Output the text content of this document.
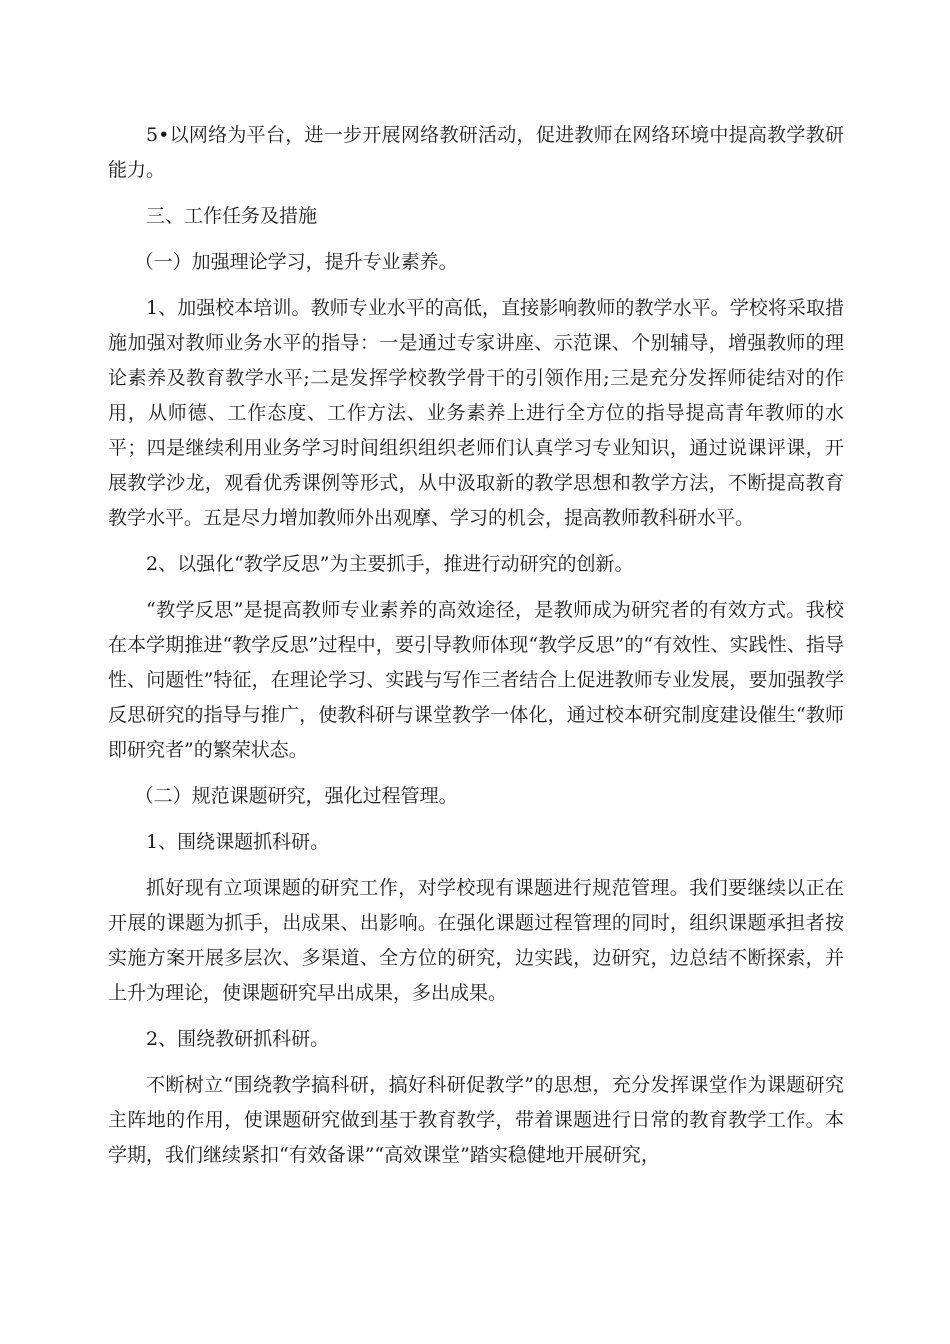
5•以网络为平台，进一步开展网络教研活动，促进教师在网络环境中提高教学教研能力。

三、工作任务及措施

（一）加强理论学习，提升专业素养。

1、加强校本培训。教师专业水平的高低，直接影响教师的教学水平。学校将采取措施加强对教师业务水平的指导：一是通过专家讲座、示范课、个别辅导，增强教师的理论素养及教育教学水平;二是发挥学校教学骨干的引领作用;三是充分发挥师徒结对的作用，从师德、工作态度、工作方法、业务素养上进行全方位的指导提高青年教师的水平；四是继续利用业务学习时间组织组织老师们认真学习专业知识，通过说课评课，开展教学沙龙，观看优秀课例等形式，从中汲取新的教学思想和教学方法，不断提高教育教学水平。五是尽力增加教师外出观摩、学习的机会，提高教师教科研水平。

2、以强化“教学反思”为主要抓手，推进行动研究的创新。

“教学反思”是提高教师专业素养的高效途径，是教师成为研究者的有效方式。我校在本学期推进“教学反思”过程中，要引导教师体现“教学反思”的“有效性、实践性、指导性、问题性”特征，在理论学习、实践与写作三者结合上促进教师专业发展，要加强教学反思研究的指导与推广，使教科研与课堂教学一体化，通过校本研究制度建设催生“教师即研究者”的繁荣状态。

（二）规范课题研究，强化过程管理。

1、围绕课题抓科研。

抓好现有立项课题的研究工作，对学校现有课题进行规范管理。我们要继续以正在开展的课题为抓手，出成果、出影响。在强化课题过程管理的同时，组织课题承担者按实施方案开展多层次、多渠道、全方位的研究，边实践，边研究，边总结不断探索，并上升为理论，使课题研究早出成果，多出成果。

2、围绕教研抓科研。

不断树立“围绕教学搞科研，搞好科研促教学”的思想，充分发挥课堂作为课题研究主阵地的作用，使课题研究做到基于教育教学，带着课题进行日常的教育教学工作。本学期，我们继续紧扣“有效备课”“高效课堂”踏实稳健地开展研究，
